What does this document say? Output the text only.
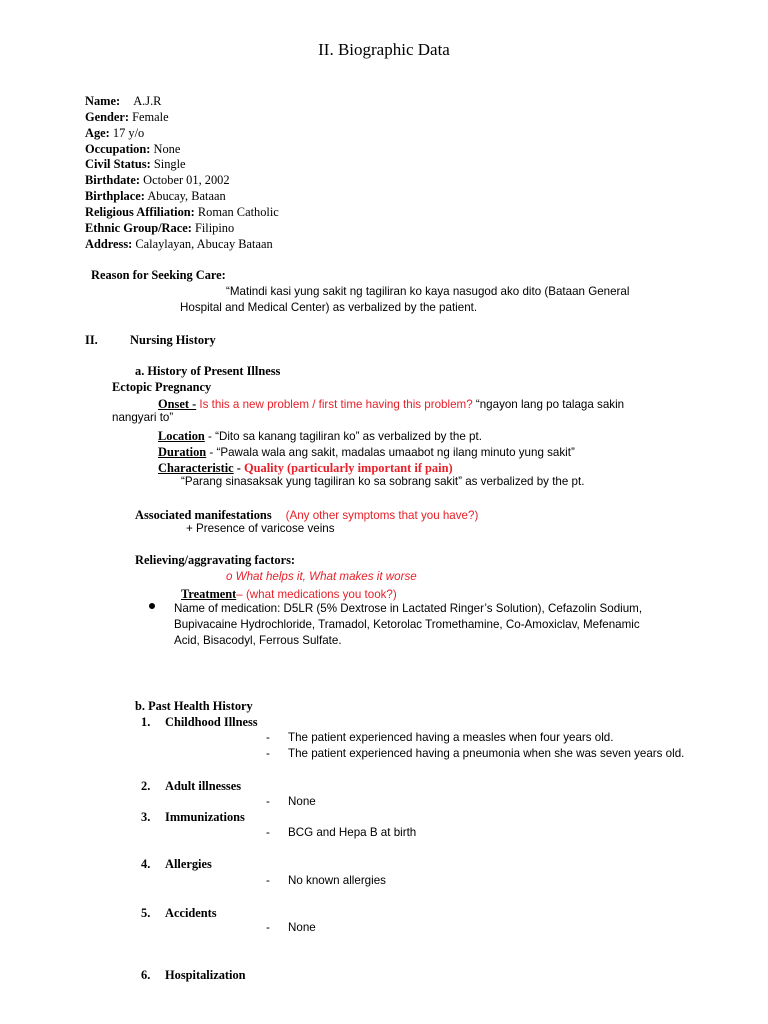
II. Biographic Data
Name: A.J.R
Gender: Female
Age: 17 y/o
Occupation: None
Civil Status: Single
Birthdate: October 01, 2002
Birthplace: Abucay, Bataan
Religious Affiliation: Roman Catholic
Ethnic Group/Race: Filipino
Address: Calaylayan, Abucay Bataan
Reason for Seeking Care:
“Matindi kasi yung sakit ng tagiliran ko kaya nasugod ako dito (Bataan General
Hospital and Medical Center) as verbalized by the patient.
II.	Nursing History
a. History of Present Illness
Ectopic Pregnancy
Onset - Is this a new problem / first time having this problem? “ngayon lang po talaga sakin
nangyari to”
Location - “Dito sa kanang tagiliran ko” as verbalized by the pt.
Duration - “Pawala wala ang sakit, madalas umaabot ng ilang minuto yung sakit”
Characteristic - Quality (particularly important if pain)
“Parang sinasaksak yung tagiliran ko sa sobrang sakit” as verbalized by the pt.
Associated manifestations (Any other symptoms that you have?)
+ Presence of varicose veins
Relieving/aggravating factors:
o What helps it, What makes it worse
Treatment– (what medications you took?)
Name of medication: D5LR (5% Dextrose in Lactated Ringer’s Solution), Cefazolin Sodium,
Bupivacaine Hydrochloride, Tramadol, Ketorolac Tromethamine, Co-Amoxiclav, Mefenamic
Acid, Bisacodyl, Ferrous Sulfate.
b. Past Health History
1. Childhood Illness
- The patient experienced having a measles when four years old.
- The patient experienced having a pneumonia when she was seven years old.
2. Adult illnesses
- None
3. Immunizations
- BCG and Hepa B at birth
4. Allergies
- No known allergies
5. Accidents
- None
6. Hospitalization
